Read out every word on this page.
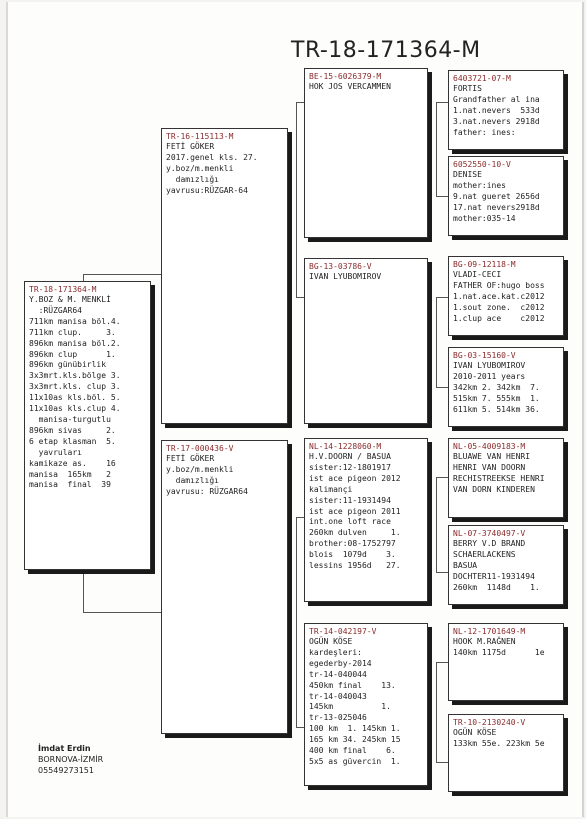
TR-18-171364-M
TR-18-171364-M
Y.BOZ & M. MENKLİ
:RÜZGAR64
711km manisa böl.4.
711km clup.     3.
896km manisa böl.2.
896km clup      1.
896km günübirlik
3x3mrt.kls.bölge 3.
3x3mrt.kls. clup 3.
11x10as kls.böl. 5.
11x10as kls.clup 4.
manisa-turgutlu
896km sivas     2.
6 etap klasman  5.
yavruları
kamikaze as.    16
manisa  165km   2
manisa  final  39
TR-16-115113-M
FETİ GÖKER
2017.genel kls. 27.
y.boz/m.menkli
damızlığı
yavrusu:RÜZGAR-64
TR-17-000436-V
FETİ GÖKER
y.boz/m.menkli
damızlığı
yavrusu: RÜZGAR64
BE-15-6026379-M
HOK JOS VERCAMMEN
BG-13-03786-V
IVAN LYUBOMIROV
NL-14-1228060-M
H.V.DOORN / BASUA
sister:12-1801917
ist ace pigeon 2012
kalimançi
sister:11-1931494
ist ace pigeon 2011
int.one loft race
260km dulven     1.
brother:08-1752797
blois  1079d    3.
lessins 1956d   27.
TR-14-042197-V
OGÜN KÖSE
kardeşleri:
egederby-2014
tr-14-040044
450km final    13.
tr-14-040043
145km          1.
tr-13-025046
100 km  1. 145km 1.
165 km 34. 245km 15
400 km final    6.
5x5 as güvercin  1.
6403721-07-M
FORTIS
Grandfather al ina
1.nat.nevers  533d
3.nat.nevers 2918d
father: ines:
6052550-10-V
DENISE
mother:ines
9.nat gueret 2656d
17.nat nevers2918d
mother:035-14
BG-09-12118-M
VLADI-CECI
FATHER OF:hugo boss
1.nat.ace.kat.c2012
1.sout zone.  c2012
1.clup ace    c2012
BG-03-15160-V
IVAN LYUBOMIROV
2010-2011 years
342km 2. 342km  7.
515km 7. 555km  1.
611km 5. 514km 36.
NL-05-4009183-M
BLUAWE VAN HENRI
HENRI VAN DOORN
RECHISTREEKSE HENRI
VAN DORN KINDEREN
NL-07-3740497-V
BERRY V.D BRAND
SCHAERLACKENS
BASUA
DOCHTER11-1931494
260km  1148d    1.
NL-12-1701649-M
HOOK M.RAĞNEN
140km 1175d      1e
TR-10-2130240-V
OGÜN KÖSE
133km 55e. 223km 5e
İmdat Erdin
BORNOVA-İZMİR
05549273151
